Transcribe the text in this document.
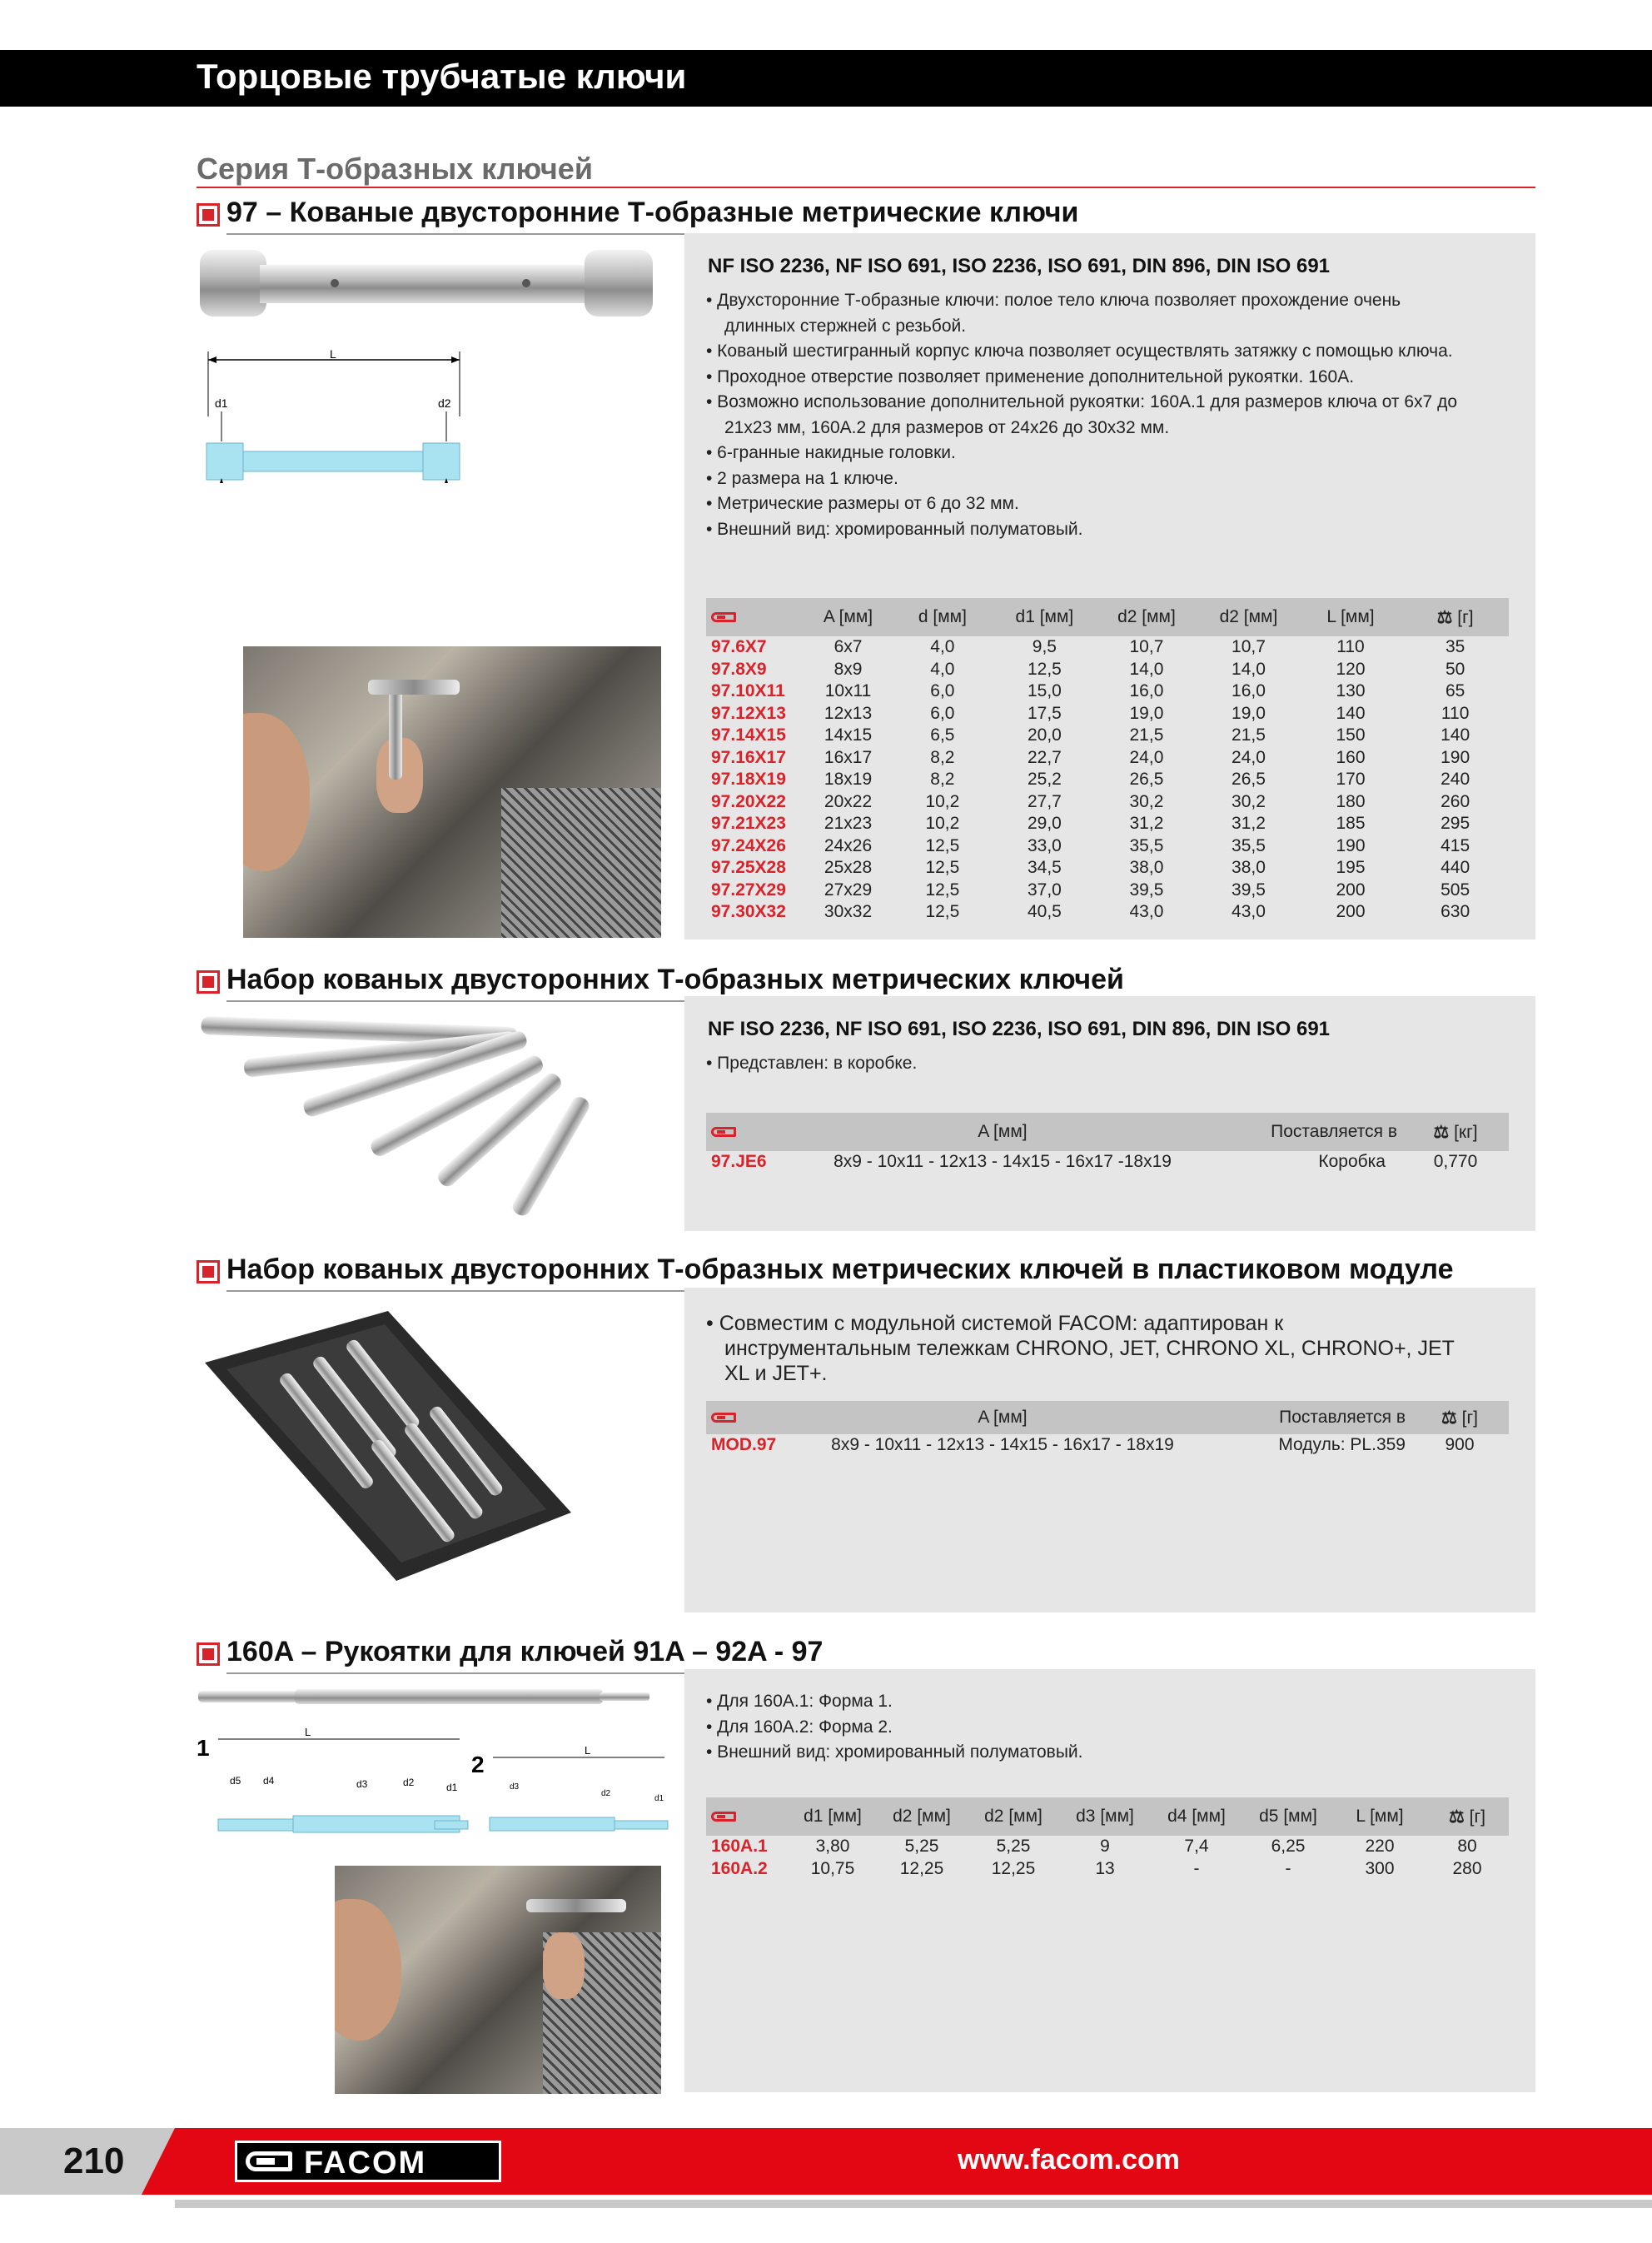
Торцовые трубчатые ключи
Серия Т-образных ключей
97 – Кованые двусторонние Т-образные метрические ключи
L
d1	d2
NF ISO 2236, NF ISO 691, ISO 2236, ISO 691, DIN 896, DIN ISO 691
• Двухсторонние Т-образные ключи: полое тело ключа позволяет прохождение очень
длинных стержней с резьбой.
• Кованый шестигранный корпус ключа позволяет осуществлять затяжку с помощью ключа.
• Проходное отверстие позволяет применение дополнительной рукоятки. 160A.
• Возможно использование дополнительной рукоятки: 160A.1 для размеров ключа от 6x7 до
21x23 мм, 160A.2 для размеров от 24x26 до 30x32 мм.
• 6-гранные накидные головки.
• 2 размера на 1 ключе.
• Метрические размеры от 6 до 32 мм.
• Внешний вид: хромированный полуматовый.
	A [мм]	d [мм]	d1 [мм]	d2 [мм]	d2 [мм]	L [мм]	⚖ [г]
97.6X7	6x7	4,0	9,5	10,7	10,7	110	35
97.8X9	8x9	4,0	12,5	14,0	14,0	120	50
97.10X11	10x11	6,0	15,0	16,0	16,0	130	65
97.12X13	12x13	6,0	17,5	19,0	19,0	140	110
97.14X15	14x15	6,5	20,0	21,5	21,5	150	140
97.16X17	16x17	8,2	22,7	24,0	24,0	160	190
97.18X19	18x19	8,2	25,2	26,5	26,5	170	240
97.20X22	20x22	10,2	27,7	30,2	30,2	180	260
97.21X23	21x23	10,2	29,0	31,2	31,2	185	295
97.24X26	24x26	12,5	33,0	35,5	35,5	190	415
97.25X28	25x28	12,5	34,5	38,0	38,0	195	440
97.27X29	27x29	12,5	37,0	39,5	39,5	200	505
97.30X32	30x32	12,5	40,5	43,0	43,0	200	630
Набор кованых двусторонних Т-образных метрических ключей
NF ISO 2236, NF ISO 691, ISO 2236, ISO 691, DIN 896, DIN ISO 691
• Представлен: в коробке.
	A [мм]	Поставляется в	⚖ [кг]
97.JE6	8x9 - 10x11 - 12x13 - 14x15 - 16x17 -18x19	Коробка	0,770
Набор кованых двусторонних Т-образных метрических ключей в пластиковом модуле
• Совместим с модульной системой FACOM: адаптирован к
инструментальным тележкам CHRONO, JET, CHRONO XL, CHRONO+, JET
XL и JET+.
	A [мм]	Поставляется в	⚖ [г]
MOD.97	8x9 - 10x11 - 12x13 - 14x15 - 16x17 - 18x19	Модуль: PL.359	900
160A – Рукоятки для ключей 91A – 92A - 97
1
2
L
L
d5 d4	d3	d2	d1	d3
d2
d1
• Для 160A.1: Форма 1.
• Для 160A.2: Форма 2.
• Внешний вид: хромированный полуматовый.
	d1 [мм]	d2 [мм]	d2 [мм]	d3 [мм]	d4 [мм]	d5 [мм]	L [мм]	⚖ [г]
160A.1	3,80	5,25	5,25	9	7,4	6,25	220	80
160A.2	10,75	12,25	12,25	13	-	-	300	280
210	FACOM	www.facom.com
